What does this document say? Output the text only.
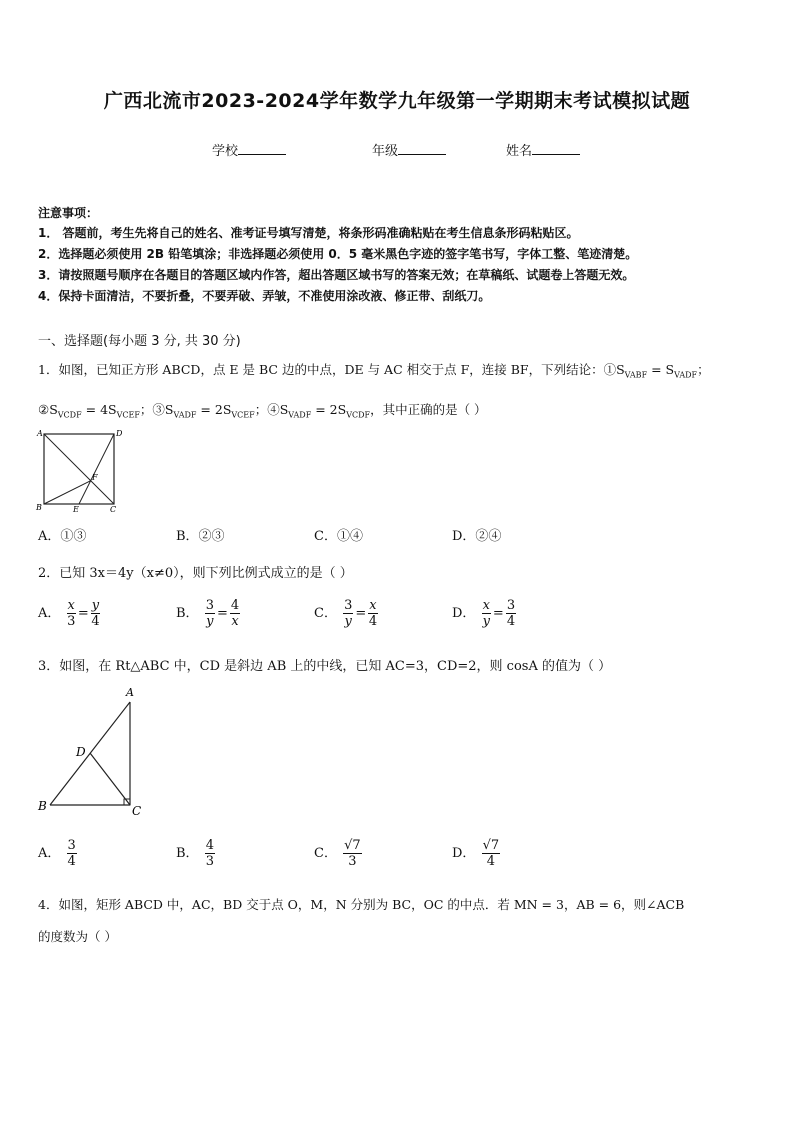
广西北流市2023-2024学年数学九年级第一学期期末考试模拟试题
学校	年级	姓名
注意事项：
1． 答题前，考生先将自己的姓名、准考证号填写清楚，将条形码准确粘贴在考生信息条形码粘贴区。
2．选择题必须使用 2B 铅笔填涂；非选择题必须使用 0．5 毫米黑色字迹的签字笔书写，字体工整、笔迹清楚。
3．请按照题号顺序在各题目的答题区域内作答，超出答题区域书写的答案无效；在草稿纸、试题卷上答题无效。
4．保持卡面清洁，不要折叠，不要弄破、弄皱，不准使用涂改液、修正带、刮纸刀。
一、选择题(每小题 3 分, 共 30 分)
1．如图，已知正方形 ABCD，点 E 是 BC 边的中点，DE 与 AC 相交于点 F，连接 BF，下列结论：$①S_{VABF} = S_{VADF}$；
$②S_{VCDF} = 4S_{VCEF}$；$③S_{VADF} = 2S_{VCEF}$；$④S_{VADF} = 2S_{VCDF}$，其中正确的是（ ）
A	D
B	C
E
F
A．①③	B．②③	C．①④	D．②④
2．已知 3x＝4y（x≠0），则下列比例式成立的是（ ）
A． $\frac{x}{3} = \frac{y}{4}$	B． $\frac{3}{y} = \frac{4}{x}$	C． $\frac{3}{y} = \frac{x}{4}$	D． $\frac{x}{y} = \frac{3}{4}$
3．如图，在 Rt△ABC 中，CD 是斜边 AB 上的中线，已知 AC=3，CD=2，则 cosA 的值为（ ）
A
D
B	C
A． $\frac{3}{4}$	B． $\frac{4}{3}$	C． $\frac{√7}{3}$	D． $\frac{√7}{4}$
4．如图，矩形 ABCD 中，AC，BD 交于点 O，M，N 分别为 BC，OC 的中点．若 MN = 3，AB = 6，则∠ACB
的度数为（ ）
